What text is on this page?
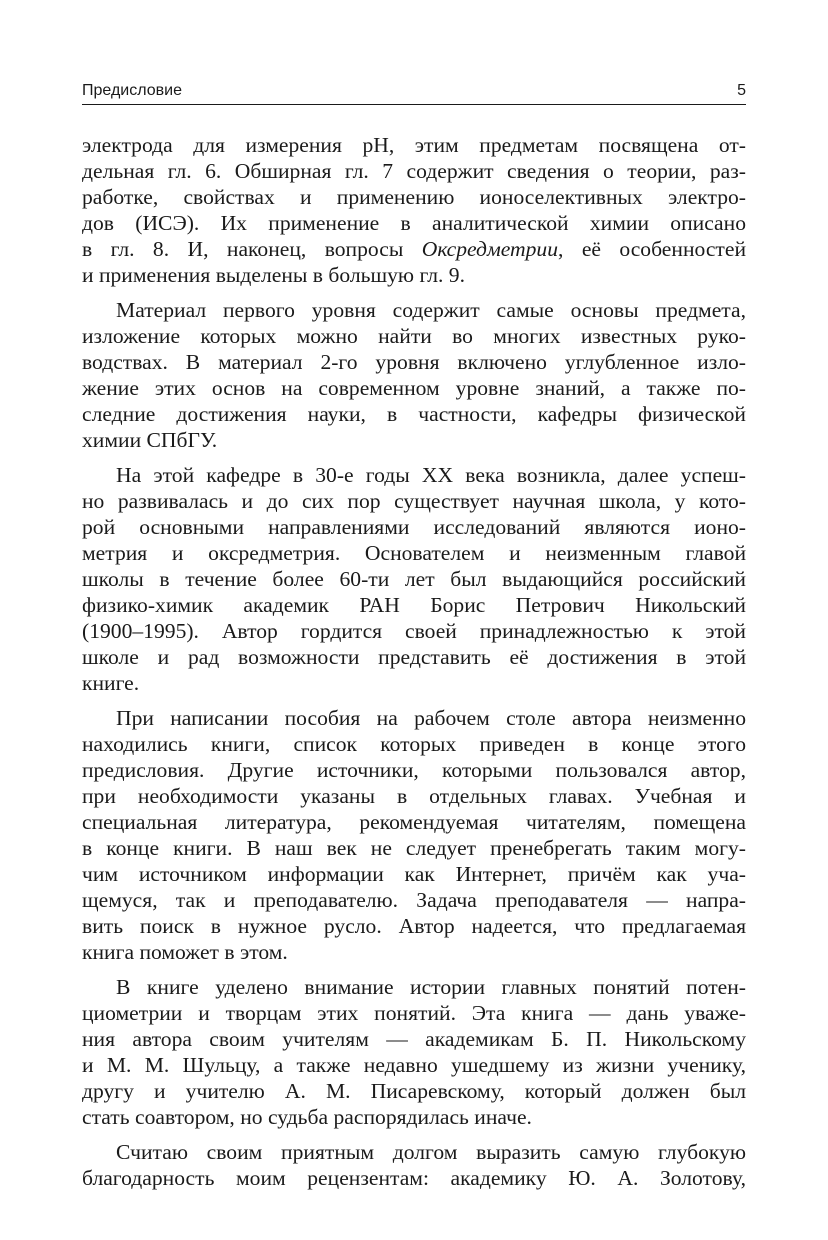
Предисловие	5
электрода для измерения pH, этим предметам посвящена от-
дельная гл. 6. Обширная гл. 7 содержит сведения о теории, раз-
работке, свойствах и применению ионоселективных электро-
дов (ИСЭ). Их применение в аналитической химии описано
в гл. 8. И, наконец, вопросы Оксредметрии, её особенностей
и применения выделены в большую гл. 9.
Материал первого уровня содержит самые основы предмета,
изложение которых можно найти во многих известных руко-
водствах. В материал 2-го уровня включено углубленное изло-
жение этих основ на современном уровне знаний, а также по-
следние достижения науки, в частности, кафедры физической
химии СПбГУ.
На этой кафедре в 30-е годы XX века возникла, далее успеш-
но развивалась и до сих пор существует научная школа, у кото-
рой основными направлениями исследований являются ионо-
метрия и оксредметрия. Основателем и неизменным главой
школы в течение более 60-ти лет был выдающийся российский
физико-химик академик РАН Борис Петрович Никольский
(1900–1995). Автор гордится своей принадлежностью к этой
школе и рад возможности представить её достижения в этой
книге.
При написании пособия на рабочем столе автора неизменно
находились книги, список которых приведен в конце этого
предисловия. Другие источники, которыми пользовался автор,
при необходимости указаны в отдельных главах. Учебная и
специальная литература, рекомендуемая читателям, помещена
в конце книги. В наш век не следует пренебрегать таким могу-
чим источником информации как Интернет, причём как уча-
щемуся, так и преподавателю. Задача преподавателя — напра-
вить поиск в нужное русло. Автор надеется, что предлагаемая
книга поможет в этом.
В книге уделено внимание истории главных понятий потен-
циометрии и творцам этих понятий. Эта книга — дань уваже-
ния автора своим учителям — академикам Б. П. Никольскому
и М. М. Шульцу, а также недавно ушедшему из жизни ученику,
другу и учителю А. М. Писаревскому, который должен был
стать соавтором, но судьба распорядилась иначе.
Считаю своим приятным долгом выразить самую глубокую
благодарность моим рецензентам: академику Ю. А. Золотову,
